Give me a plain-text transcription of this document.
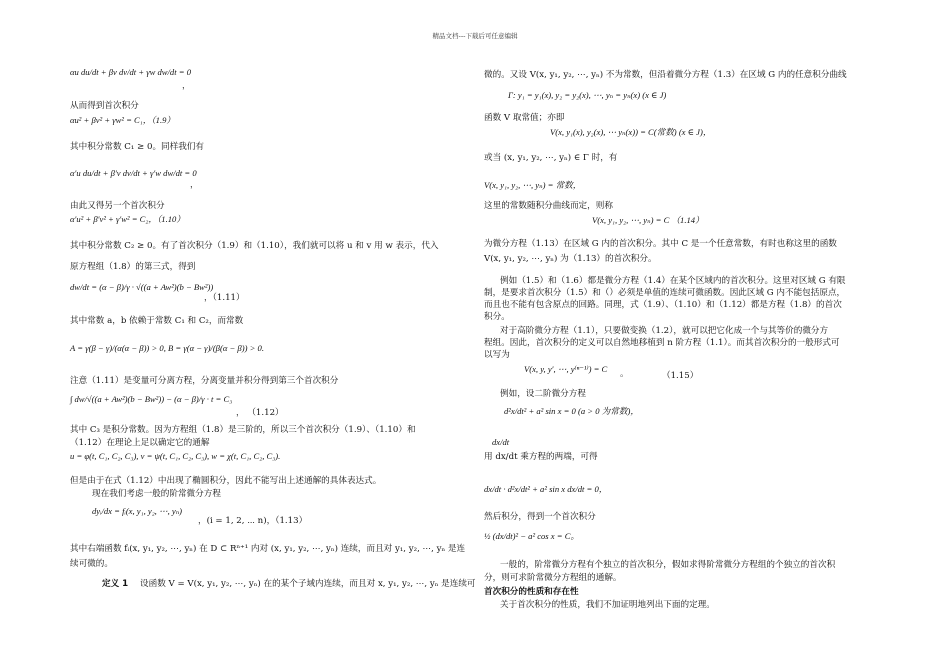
精品文档---下载后可任意编辑
αu du/dt + βv dv/dt + γw dw/dt = 0
，
从而得到首次积分
αu² + βv² + γw² = C₁，（1.9）
其中积分常数 C₁ ≥ 0。同样我们有
α′u du/dt + β′v dv/dt + γ′w dw/dt = 0
，
由此又得另一个首次积分
α′u² + β′v² + γ′w² = C₂，（1.10）
其中积分常数 C₂ ≥ 0。有了首次积分（1.9）和（1.10），我们就可以将 u 和 v 用 w 表示，代入
原方程组（1.8）的第三式，得到
dw/dt = (α − β)/γ · √((a + Aw²)(b − Bw²))
，（1.11）
其中常数 a，b 依赖于常数 C₁ 和 C₂，而常数
A = γ(β − γ)/(α(α − β)) > 0, B = γ(α − γ)/(β(α − β)) > 0.
注意（1.11）是变量可分离方程，分离变量并积分得到第三个首次积分
∫ dw/√((a + Aw²)(b − Bw²)) − (α − β)/γ · t = C₃
， （1.12）
其中 C₃ 是积分常数。因为方程组（1.8）是三阶的，所以三个首次积分（1.9）、（1.10）和
（1.12）在理论上足以确定它的通解
u = φ(t, C₁, C₂, C₃), v = ψ(t, C₁, C₂, C₃), w = χ(t, C₁, C₂, C₃).
但是由于在式（1.12）中出现了椭圆积分，因此不能写出上述通解的具体表达式。
现在我们考虑一般的阶常微分方程
dyᵢ/dx = fᵢ(x, y₁, y₂, ⋯, yₙ)
，(i = 1, 2, ⋯ n)，（1.13）
其中右端函数 fᵢ(x, y₁, y₂, ⋯, yₙ) 在 D ⊂ Rⁿ⁺¹ 内对 (x, y₁, y₂, ⋯, yₙ) 连续，而且对 y₁, y₂, ⋯, yₙ 是连
续可微的。
定义 1 设函数 V = V(x, y₁, y₂, ⋯, yₙ) 在的某个子域内连续，而且对 x, y₁, y₂, ⋯, yₙ 是连续可
微的。又设 V(x, y₁, y₂, ⋯, yₙ) 不为常数，但沿着微分方程（1.3）在区域 G 内的任意积分曲线
Γ: y₁ = y₁(x), y₂ = y₂(x), ⋯, yₙ = yₙ(x) (x ∈ J)
函数 V 取常值；亦即
V(x, y₁(x), y₂(x), ⋯ yₙ(x)) = C(常数) (x ∈ J)，
或当 (x, y₁, y₂, ⋯, yₙ) ∈ Γ 时，有
V(x, y₁, y₂, ⋯, yₙ) = 常数，
这里的常数随积分曲线而定，则称
V(x, y₁, y₂, ⋯, yₙ) = C （1.14）
为微分方程（1.13）在区域 G 内的首次积分。其中 C 是一个任意常数，有时也称这里的函数
V(x, y₁, y₂, ⋯, yₙ) 为（1.13）的首次积分。
例如（1.5）和（1.6）都是微分方程（1.4）在某个区域内的首次积分。这里对区域 G 有限
制，是要求首次积分（1.5）和（）必须是单值的连续可微函数。因此区域 G 内不能包括原点，
而且也不能有包含原点的回路。同理，式（1.9）、（1.10）和（1.12）都是方程（1.8）的首次
积分。
对于高阶微分方程（1.1），只要做变换（1.2），就可以把它化成一个与其等价的微分方
程组。因此，首次积分的定义可以自然地移植到 n 阶方程（1.1）。而其首次积分的一般形式可
以写为
V(x, y, y′, ⋯, y⁽ⁿ⁻¹⁾) = C 。	（1.15）
例如，设二阶微分方程
d²x/dt² + a² sin x = 0 (a > 0 为常数)，
dx/dt
用 dx/dt 乘方程的两端，可得
dx/dt · d²x/dt² + a² sin x dx/dt = 0，
然后积分，得到一个首次积分
½ (dx/dt)² − a² cos x = C。
一般的，阶常微分方程有个独立的首次积分，假如求得阶常微分方程组的个独立的首次积
分，则可求阶常微分方程组的通解。
首次积分的性质和存在性
关于首次积分的性质，我们不加证明地列出下面的定理。
